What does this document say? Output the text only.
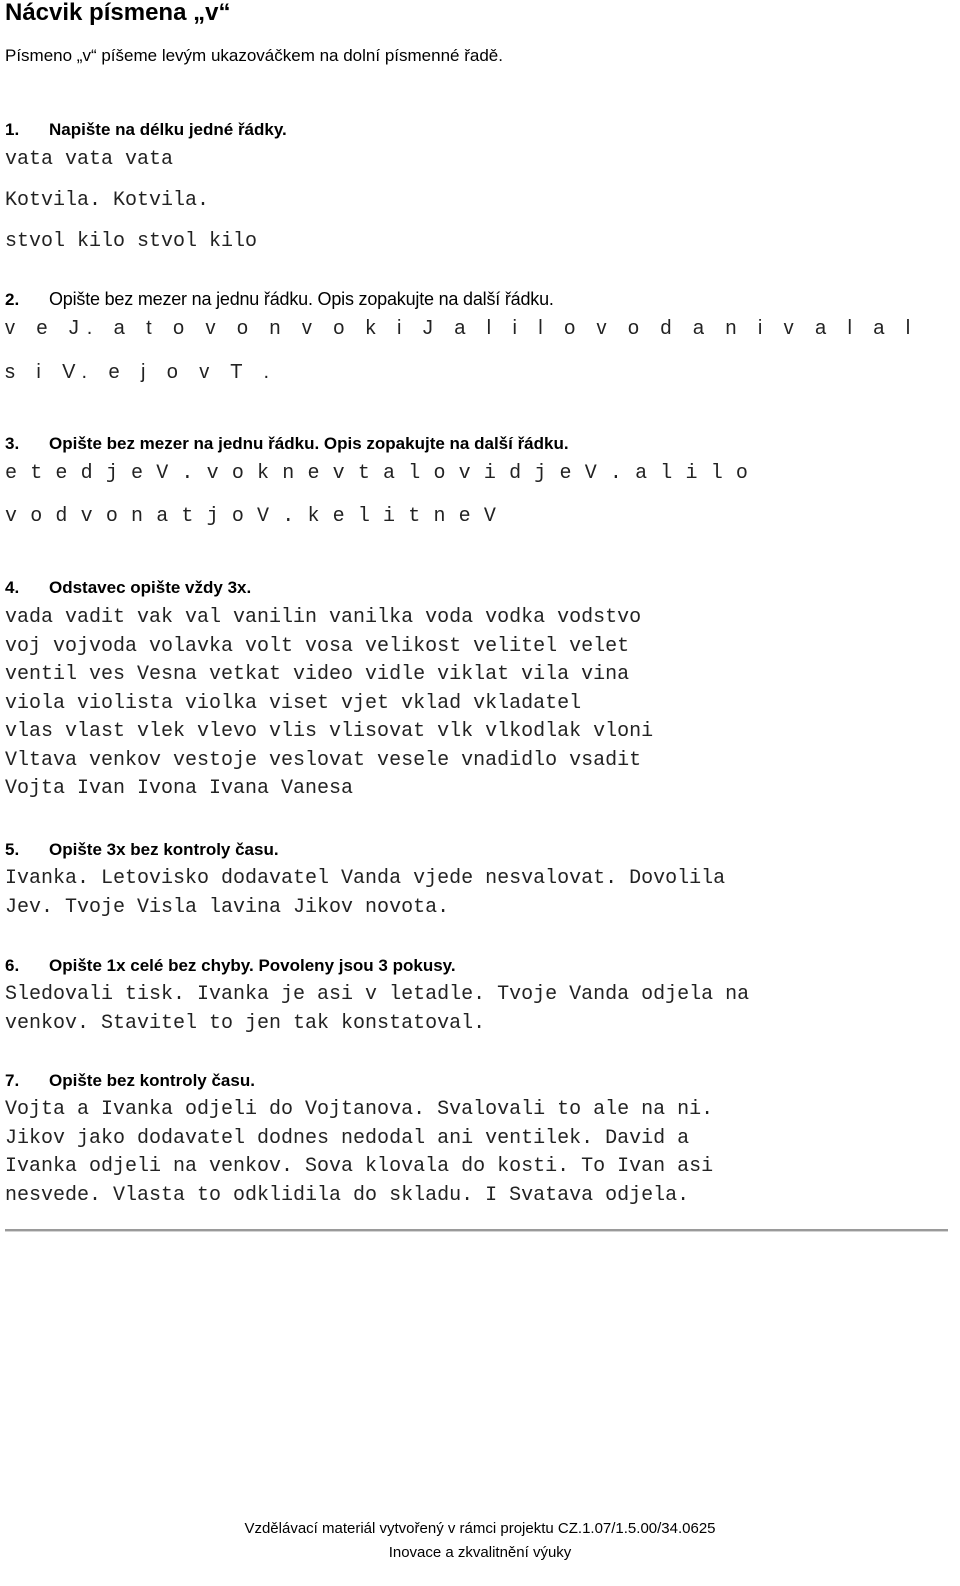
Nácvik písmena „v“
Písmeno „v“ píšeme levým ukazováčkem na dolní písmenné řadě.
1. Napište na délku jedné řádky.
vata vata vata
Kotvila. Kotvila.
stvol kilo stvol kilo
2. Opište bez mezer na jednu řádku. Opis zopakujte na další řádku.
v e J. a t o v o n v o k i J a l i l o v o d a n i v a l a l
s i V. e j o v T .
3. Opište bez mezer na jednu řádku. Opis zopakujte na další řádku.
e t e d j e V . v o k n e v t a l o v i d j e V . a l i l o
v o d v o n a t j o V . k e l i t n e V
4. Odstavec opište vždy 3x.
vada vadit vak val vanilin vanilka voda vodka vodstvo
voj vojvoda volavka volt vosa velikost velitel velet
ventil ves Vesna vetkat video vidle viklat vila vina
viola violista violka viset vjet vklad vkladatel
vlas vlast vlek vlevo vlis vlisovat vlk vlkodlak vloni
Vltava venkov vestoje veslovat vesele vnadidlo vsadit
Vojta Ivan Ivona Ivana Vanesa
5. Opište 3x bez kontroly času.
Ivanka. Letovisko dodavatel Vanda vjede nesvalovat. Dovolila
Jev. Tvoje Visla lavina Jikov novota.
6. Opište 1x celé bez chyby. Povoleny jsou 3 pokusy.
Sledovali tisk. Ivanka je asi v letadle. Tvoje Vanda odjela na
venkov. Stavitel to jen tak konstatoval.
7. Opište bez kontroly času.
Vojta a Ivanka odjeli do Vojtanova. Svalovali to ale na ni.
Jikov jako dodavatel dodnes nedodal ani ventilek. David a
Ivanka odjeli na venkov. Sova klovala do kosti. To Ivan asi
nesvede. Vlasta to odklidila do skladu. I Svatava odjela.
Vzdělávací materiál vytvořený v rámci projektu CZ.1.07/1.5.00/34.0625
Inovace a zkvalitnění výuky
